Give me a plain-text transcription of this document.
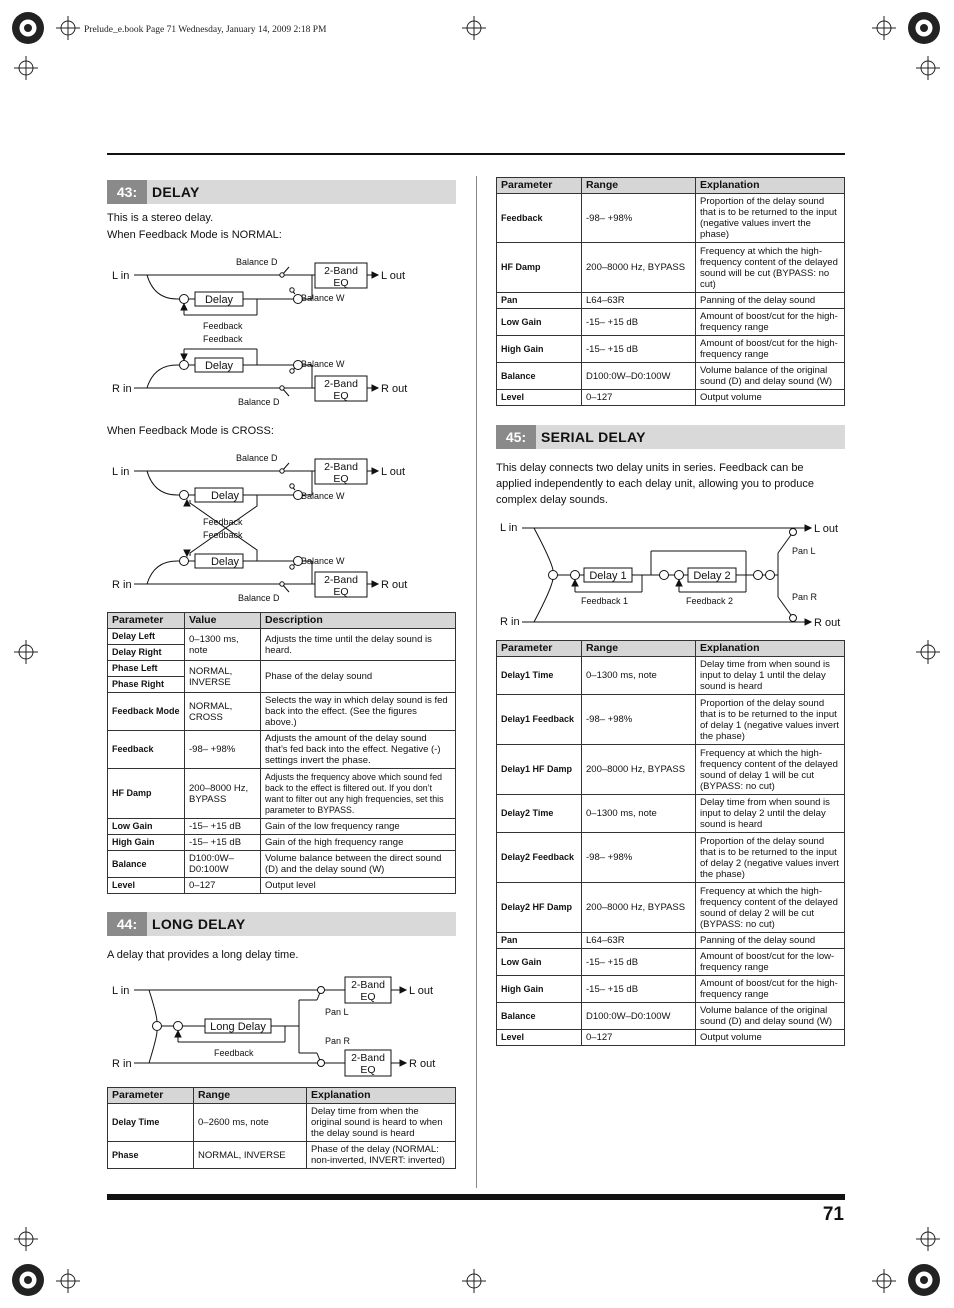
Prelude_e.book Page 71 Wednesday, January 14, 2009 2:18 PM
43:	DELAY
This is a stereo delay.
When Feedback Mode is NORMAL:
L in
R in
L out
R out
Balance D
Balance W
Balance W
Balance D
Delay
Delay
2-Band
EQ
2-Band
EQ
Feedback
Feedback
When Feedback Mode is CROSS:
L in
R in
L out
R out
Balance D
Balance W
Balance W
Balance D
Delay
Delay
2-Band
EQ
2-Band
EQ
Feedback
Feedback
Parameter	Value	Description
Delay Left	0–1300 ms, note	Adjusts the time until the delay sound is heard.
Delay Right		
Phase Left	NORMAL, INVERSE	Phase of the delay sound
Phase Right		
Feedback Mode	NORMAL, CROSS	Selects the way in which delay sound is fed back into the effect. (See the figures above.)
Feedback	-98– +98%	Adjusts the amount of the delay sound that’s fed back into the effect. Negative (-) settings invert the phase.
HF Damp	200–8000 Hz, BYPASS	Adjusts the frequency above which sound fed back to the effect is filtered out. If you don’t want to filter out any high frequencies, set this parameter to BYPASS.
Low Gain	-15– +15 dB	Gain of the low frequency range
High Gain	-15– +15 dB	Gain of the high frequency range
Balance	D100:0W– D0:100W	Volume balance between the direct sound (D) and the delay sound (W)
Level	0–127	Output level
44:	LONG DELAY
A delay that provides a long delay time.
L in
R in
L out
R out
Long Delay
Feedback
Pan L
Pan R
2-Band
EQ
2-Band
EQ
Parameter	Range	Explanation
Delay Time	0–2600 ms, note	Delay time from when the original sound is heard to when the delay sound is heard
Phase	NORMAL, INVERSE	Phase of the delay (NORMAL: non-inverted, INVERT: inverted)
Parameter	Range	Explanation
Feedback	-98– +98%	Proportion of the delay sound that is to be returned to the input (negative values invert the phase)
HF Damp	200–8000 Hz, BYPASS	Frequency at which the high-frequency content of the delayed sound will be cut (BYPASS: no cut)
Pan	L64–63R	Panning of the delay sound
Low Gain	-15– +15 dB	Amount of boost/cut for the high-frequency range
High Gain	-15– +15 dB	Amount of boost/cut for the high-frequency range
Balance	D100:0W–D0:100W	Volume balance of the original sound (D) and delay sound (W)
Level	0–127	Output volume
45:	SERIAL DELAY
This delay connects two delay units in series. Feedback can be applied independently to each delay unit, allowing you to produce complex delay sounds.
L in
R in
L out
R out
Delay 1	Delay 2
Feedback 1	Feedback 2
Pan L
Pan R
Parameter	Range	Explanation
Delay1 Time	0–1300 ms, note	Delay time from when sound is input to delay 1 until the delay sound is heard
Delay1 Feedback	-98– +98%	Proportion of the delay sound that is to be returned to the input of delay 1 (negative values invert the phase)
Delay1 HF Damp	200–8000 Hz, BYPASS	Frequency at which the high-frequency content of the delayed sound of delay 1 will be cut (BYPASS: no cut)
Delay2 Time	0–1300 ms, note	Delay time from when sound is input to delay 2 until the delay sound is heard
Delay2 Feedback	-98– +98%	Proportion of the delay sound that is to be returned to the input of delay 2 (negative values invert the phase)
Delay2 HF Damp	200–8000 Hz, BYPASS	Frequency at which the high-frequency content of the delayed sound of delay 2 will be cut (BYPASS: no cut)
Pan	L64–63R	Panning of the delay sound
Low Gain	-15– +15 dB	Amount of boost/cut for the low-frequency range
High Gain	-15– +15 dB	Amount of boost/cut for the high-frequency range
Balance	D100:0W–D0:100W	Volume balance of the original sound (D) and delay sound (W)
Level	0–127	Output volume
71
